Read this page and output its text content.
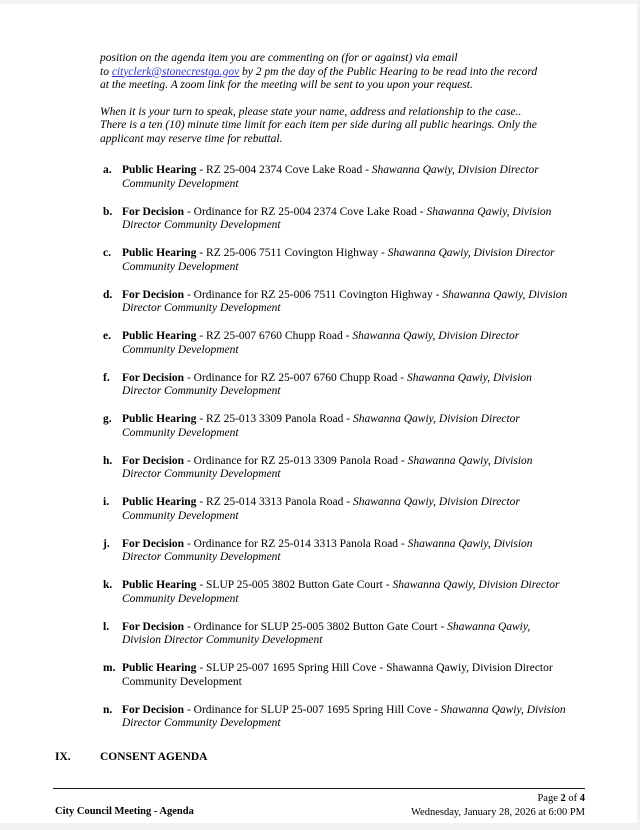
position on the agenda item you are commenting on (for or against) via email
to cityclerk@stonecrestga.gov by 2 pm the day of the Public Hearing to be read into the record
at the meeting. A zoom link for the meeting will be sent to you upon your request.
When it is your turn to speak, please state your name, address and relationship to the case..
There is a ten (10) minute time limit for each item per side during all public hearings. Only the
applicant may reserve time for rebuttal.
a. Public Hearing - RZ 25-004 2374 Cove Lake Road - Shawanna Qawiy, Division Director Community Development
b. For Decision - Ordinance for RZ 25-004 2374 Cove Lake Road - Shawanna Qawiy, Division Director Community Development
c. Public Hearing - RZ 25-006 7511 Covington Highway - Shawanna Qawiy, Division Director Community Development
d. For Decision - Ordinance for RZ 25-006 7511 Covington Highway - Shawanna Qawiy, Division Director Community Development
e. Public Hearing - RZ 25-007 6760 Chupp Road - Shawanna Qawiy, Division Director Community Development
f.	For Decision - Ordinance for RZ 25-007 6760 Chupp Road - Shawanna Qawiy, Division Director Community Development
g. Public Hearing - RZ 25-013 3309 Panola Road - Shawanna Qawiy, Division Director Community Development
h. For Decision - Ordinance for RZ 25-013 3309 Panola Road - Shawanna Qawiy, Division Director Community Development
i.	Public Hearing - RZ 25-014 3313 Panola Road - Shawanna Qawiy, Division Director Community Development
j.	For Decision - Ordinance for RZ 25-014 3313 Panola Road - Shawanna Qawiy, Division Director Community Development
k. Public Hearing - SLUP 25-005 3802 Button Gate Court - Shawanna Qawiy, Division Director Community Development
l.	For Decision - Ordinance for SLUP 25-005 3802 Button Gate Court - Shawanna Qawiy, Division Director Community Development
m. Public Hearing - SLUP 25-007 1695 Spring Hill Cove - Shawanna Qawiy, Division Director Community Development
n. For Decision - Ordinance for SLUP 25-007 1695 Spring Hill Cove - Shawanna Qawiy, Division Director Community Development
IX.	CONSENT AGENDA
Page 2 of 4
Wednesday, January 28, 2026 at 6:00 PM
City Council Meeting - Agenda
